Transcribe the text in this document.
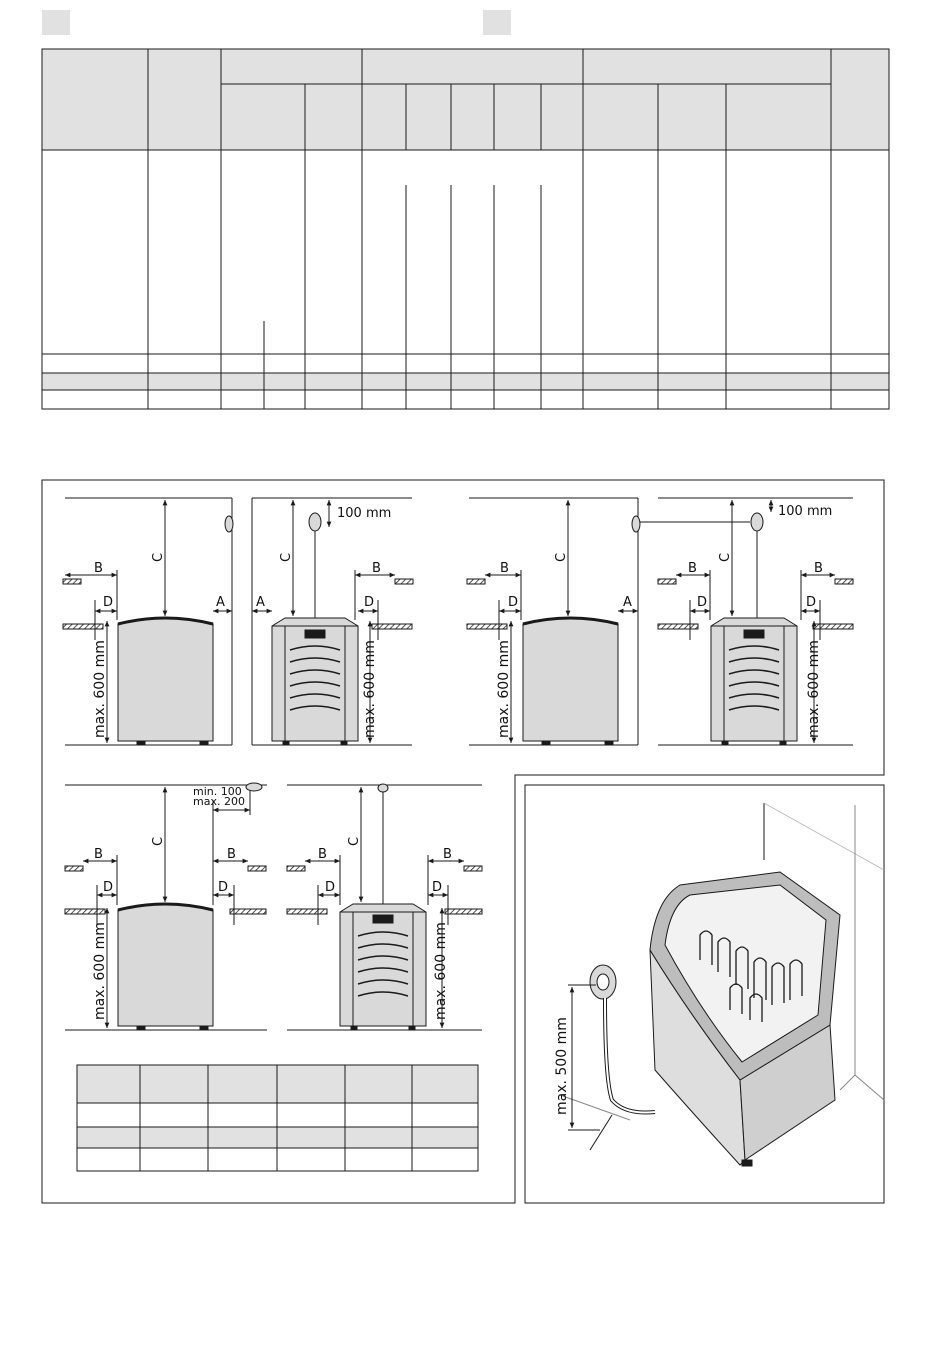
B
D	A
C
max. 600 mm
100 mm
B
D
A
C
max. 600 mm
B
D	A
C
max. 600 mm
100 mm
B	B
D	D
C
max. 600 mm
min. 100
max. 200
B	B
D	D
C
max. 600 mm
B	B
D	D
C
max. 600 mm
max. 500 mm
